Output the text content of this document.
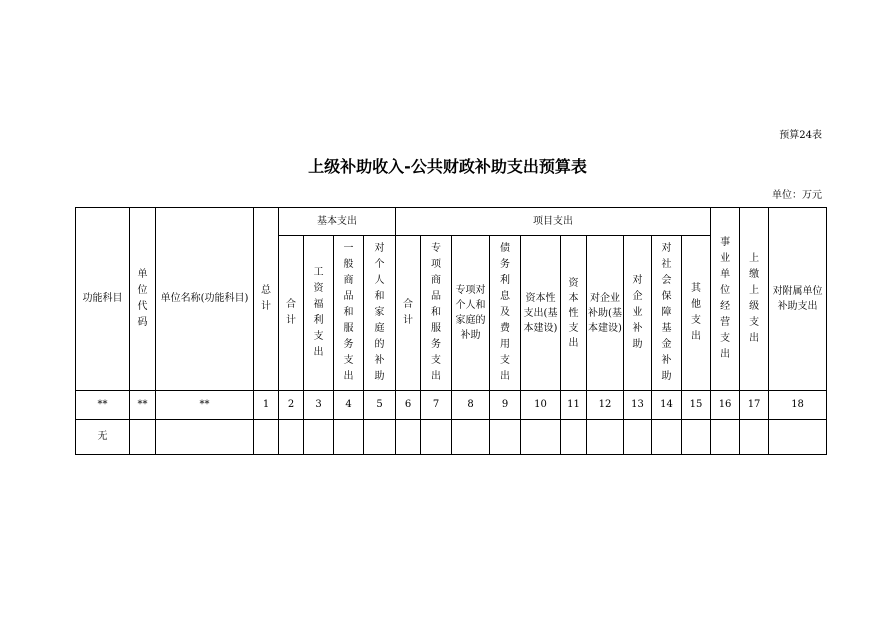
预算24表
上级补助收入-公共财政补助支出预算表
单位：万元
功能科目	单位代码	单位名称(功能科目)	总计	基本支出				项目支出										事业单位经营支出	上缴上级支出	对附属单位补助支出
				合计	工资福利支出	一般商品和服务支出	对个人和家庭的补助	合计	专项商品和服务支出	专项对个人和家庭的补助	债务利息及费用支出	资本性支出(基本建设)	资本性支出	对企业补助(基本建设)	对企业补助	对社会保障基金补助	其他支出			
**	**	**	1	2	3	4	5	6	7	8	9	10	11	12	13	14	15	16	17	18
无																				
